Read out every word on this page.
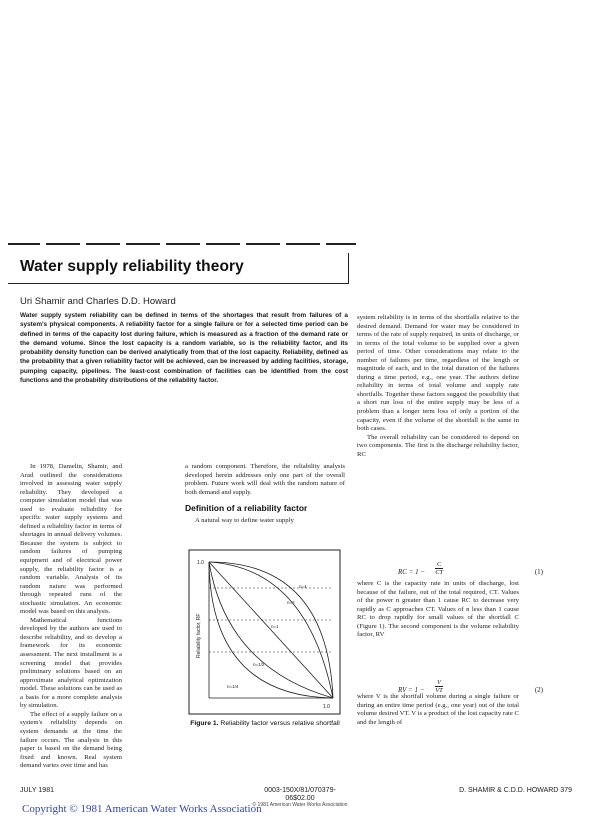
Water supply reliability theory
Uri Shamir and Charles D.D. Howard
Water supply system reliability can be defined in terms of the shortages that result from failures of a system's physical components. A reliability factor for a single failure or for a selected time period can be defined in terms of the capacity lost during failure, which is measured as a fraction of the demand rate or the demand volume. Since the lost capacity is a random variable, so is the reliability factor, and its probability density function can be derived analytically from that of the lost capacity. Reliability, defined as the probability that a given reliability factor will be achieved, can be increased by adding facilities, storage, pumping capacity, pipelines. The least-cost combination of facilities can be identified from the cost functions and the probability distributions of the reliability factor.

In 1978, Damelin, Shamir, and Arad outlined the considerations involved in assessing water supply reliability. They developed a computer simulation model that was used to evaluate reliability for specific water supply systems and defined a reliability factor in terms of shortages in annual delivery volumes. Because the system is subject to random failures of pumping equipment and of electrical power supply, the reliability factor is a random variable. Analysis of its random nature was performed through repeated runs of the stochastic simulation. An economic model was based on this analysis.

Mathematical functions developed by the authors are used to describe reliability, and to develop a framework for its economic assessment. The next installment is a screening model that provides preliminary solutions based on an approximate analytical optimization model. These solutions can be used as a basis for a more complete analysis by simulation.

The effect of a supply failure on a system's reliability depends on system demands at the time the failure occurs. The analysis in this paper is based on the demand being fixed and known. Real system demand varies over time and has

a random component. Therefore, the reliability analysis developed herein addresses only one part of the overall problem. Future work will deal with the random nature of both demand and supply.

Definition of a reliability factor

A natural way to define water supply

1.0
1.0
Reliability factor, RF
n=4
n=2
n=1
n=1/2
n=1/4
Figure 1. Reliability factor versus relative shortfall

system reliability is in terms of the shortfalls relative to the desired demand. Demand for water may be considered in terms of the rate of supply required, in units of discharge, or in terms of the total volume to be supplied over a given period of time. Other considerations may relate to the number of failures per time, regardless of the length or magnitude of each, and to the total duration of the failures during a time period, e.g., one year. The authors define reliability in terms of total volume and supply rate shortfalls. Together these factors suggest the possibility that a short run loss of the entire supply may be less of a problem than a longer term loss of only a portion of the capacity, even if the volume of the shortfall is the same in both cases.

The overall reliability can be considered to depend on two components. The first is the discharge reliability factor, RC

RC = $1 - \frac{C}{CT}$	(1)

where C is the capacity rate in units of discharge, lost because of the failure, out of the total required, CT. Values of the power n greater than 1 cause RC to decrease very rapidly as C approaches CT. Values of n less than 1 cause RC to drop rapidly for small values of the shortfall C (Figure 1). The second component is the volume reliability factor, RV

RV = $1 - \frac{V}{VT}$	(2)

where V is the shortfall volume during a single failure or during an entire time period (e.g., one year) out of the total volume desired VT. V is a product of the lost capacity rate C and the length of

JULY 1981	0003-150X/81/070379-06$02.00
© 1981 American Water Works Association
D. SHAMIR & C.D.D. HOWARD 379
Copyright © 1981 American Water Works Association
